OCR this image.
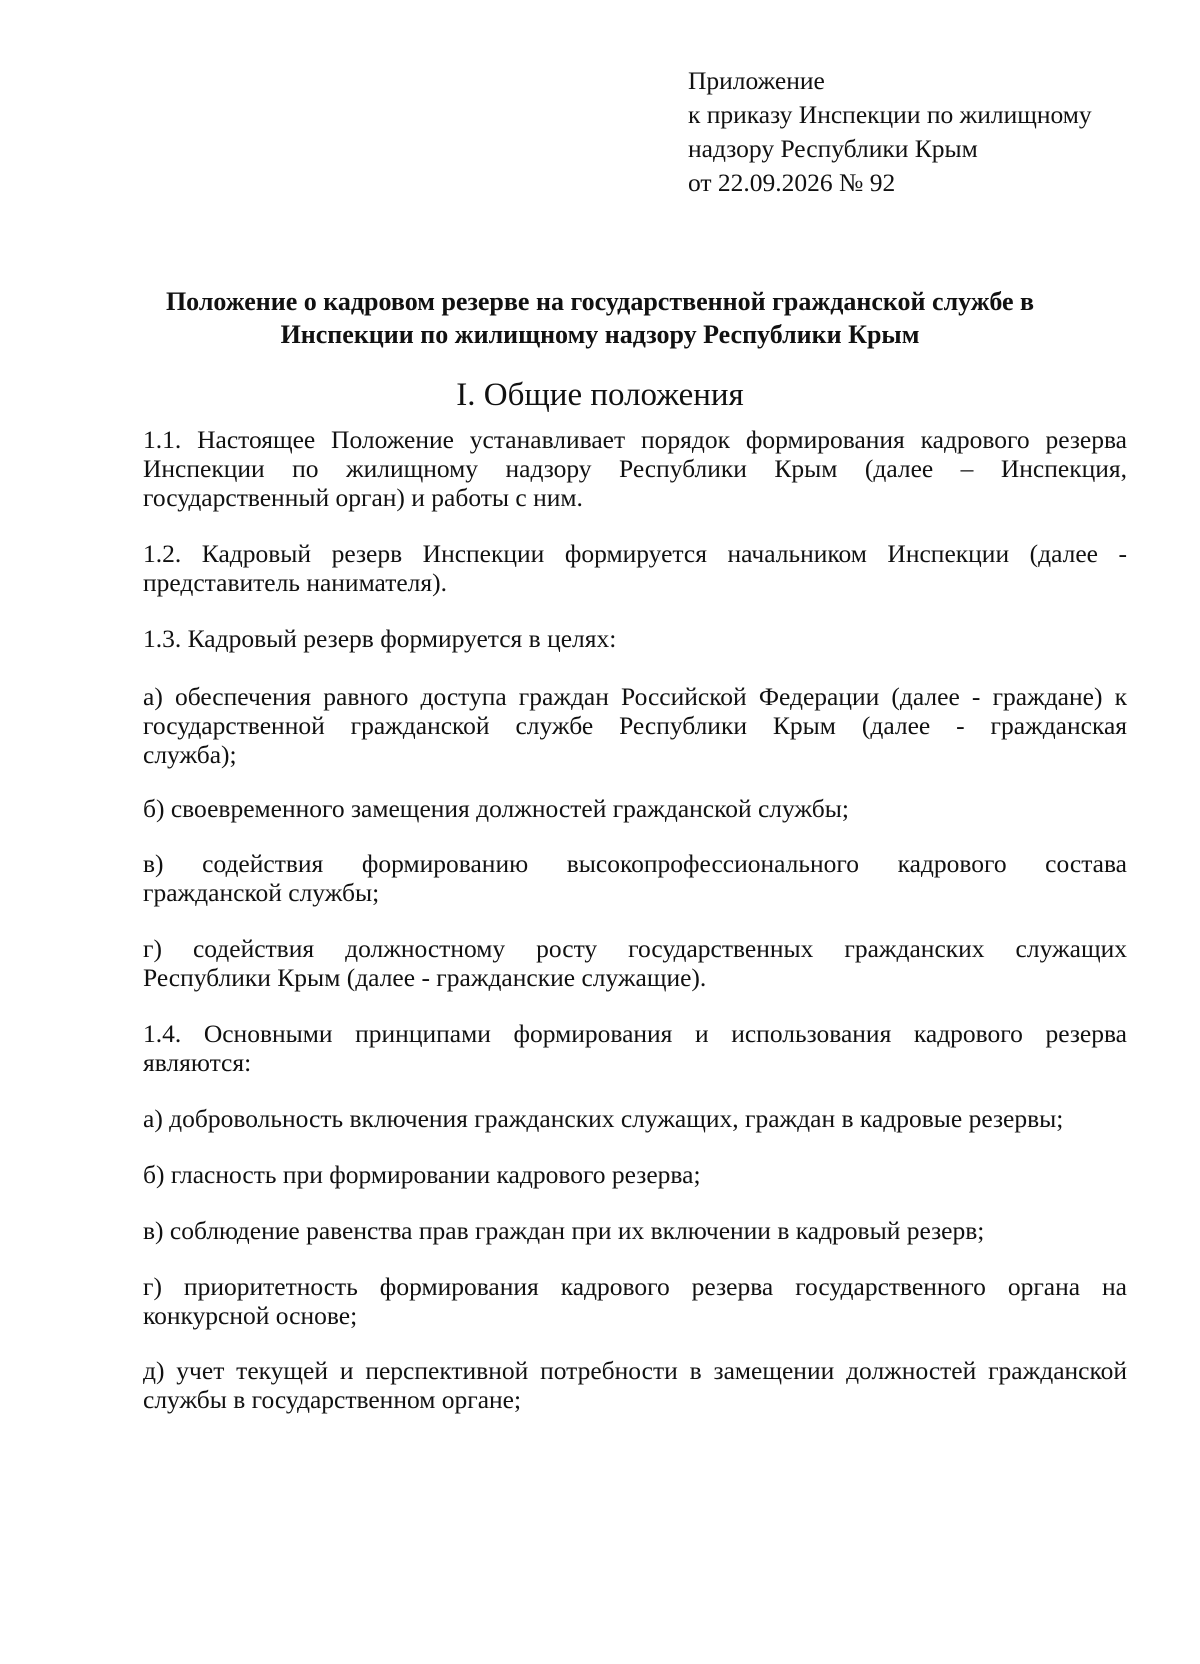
Приложение
к приказу Инспекции по жилищному
надзору Республики Крым
от 22.09.2026 № 92
Положение о кадровом резерве на государственной гражданской службе в
Инспекции по жилищному надзору Республики Крым
I. Общие положения
1.1. Настоящее Положение устанавливает порядок формирования кадрового резерва
Инспекции по жилищному надзору Республики Крым (далее – Инспекция,
государственный орган) и работы с ним.
1.2. Кадровый резерв Инспекции формируется начальником Инспекции (далее -
представитель нанимателя).
1.3. Кадровый резерв формируется в целях:
а) обеспечения равного доступа граждан Российской Федерации (далее - граждане) к
государственной гражданской службе Республики Крым (далее - гражданская
служба);
б) своевременного замещения должностей гражданской службы;
в) содействия формированию высокопрофессионального кадрового состава
гражданской службы;
г) содействия должностному росту государственных гражданских служащих
Республики Крым (далее - гражданские служащие).
1.4. Основными принципами формирования и использования кадрового резерва
являются:
а) добровольность включения гражданских служащих, граждан в кадровые резервы;
б) гласность при формировании кадрового резерва;
в) соблюдение равенства прав граждан при их включении в кадровый резерв;
г) приоритетность формирования кадрового резерва государственного органа на
конкурсной основе;
д) учет текущей и перспективной потребности в замещении должностей гражданской
службы в государственном органе;
